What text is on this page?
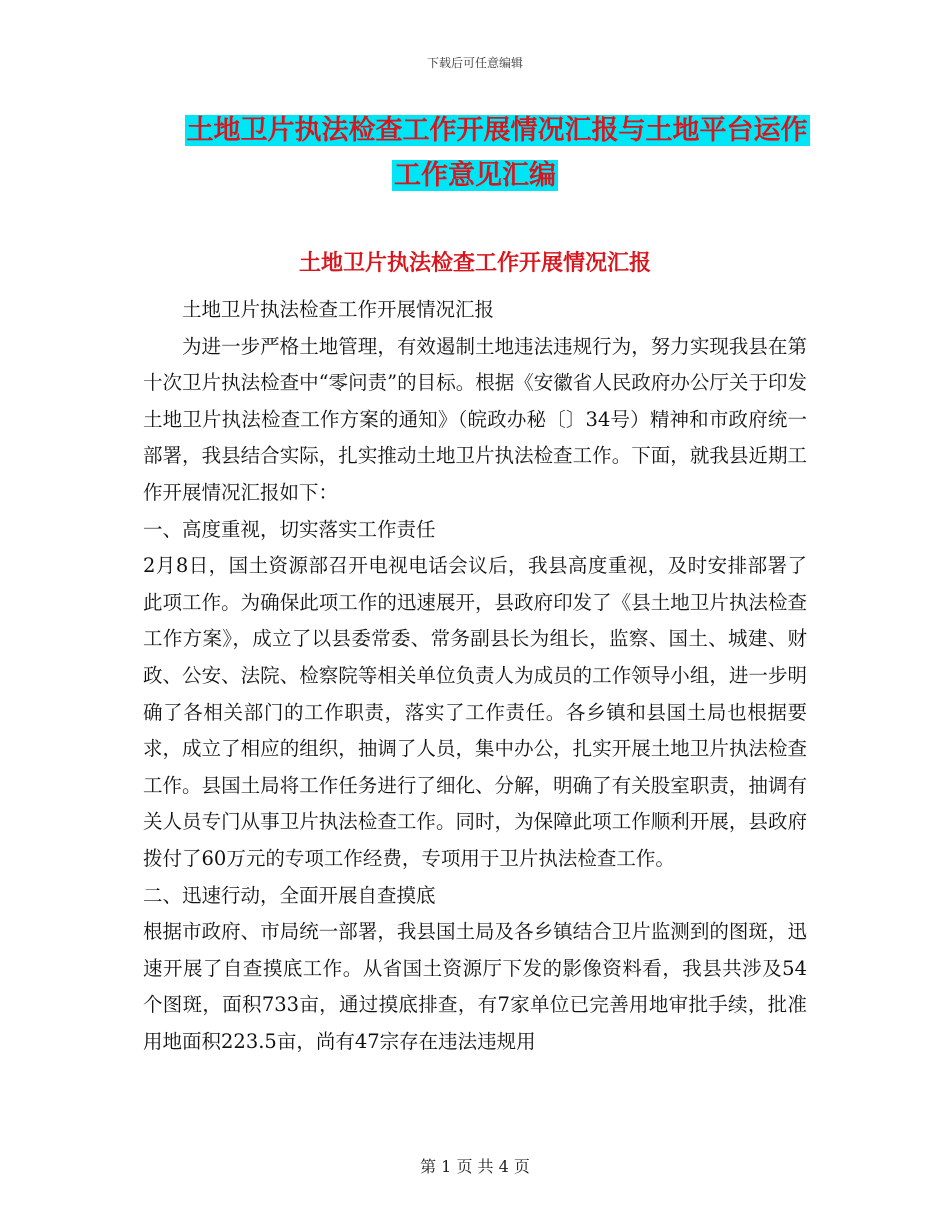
下载后可任意编辑
土地卫片执法检查工作开展情况汇报与土地平台运作
工作意见汇编
土地卫片执法检查工作开展情况汇报

土地卫片执法检查工作开展情况汇报

为进一步严格土地管理，有效遏制土地违法违规行为，努力实现我县在第十次卫片执法检查中“零问责”的目标。根据《安徽省人民政府办公厅关于印发土地卫片执法检查工作方案的通知》（皖政办秘〔〕34号）精神和市政府统一部署，我县结合实际，扎实推动土地卫片执法检查工作。下面，就我县近期工作开展情况汇报如下：

一、高度重视，切实落实工作责任

2月8日，国土资源部召开电视电话会议后，我县高度重视，及时安排部署了此项工作。为确保此项工作的迅速展开，县政府印发了《县土地卫片执法检查工作方案》，成立了以县委常委、常务副县长为组长，监察、国土、城建、财政、公安、法院、检察院等相关单位负责人为成员的工作领导小组，进一步明确了各相关部门的工作职责，落实了工作责任。各乡镇和县国土局也根据要求，成立了相应的组织，抽调了人员，集中办公，扎实开展土地卫片执法检查工作。县国土局将工作任务进行了细化、分解，明确了有关股室职责，抽调有关人员专门从事卫片执法检查工作。同时，为保障此项工作顺利开展，县政府拨付了60万元的专项工作经费，专项用于卫片执法检查工作。

二、迅速行动，全面开展自查摸底

根据市政府、市局统一部署，我县国土局及各乡镇结合卫片监测到的图斑，迅速开展了自查摸底工作。从省国土资源厅下发的影像资料看，我县共涉及54个图斑，面积733亩，通过摸底排查，有7家单位已完善用地审批手续，批准用地面积223.5亩，尚有47宗存在违法违规用

第 1 页 共 4 页
